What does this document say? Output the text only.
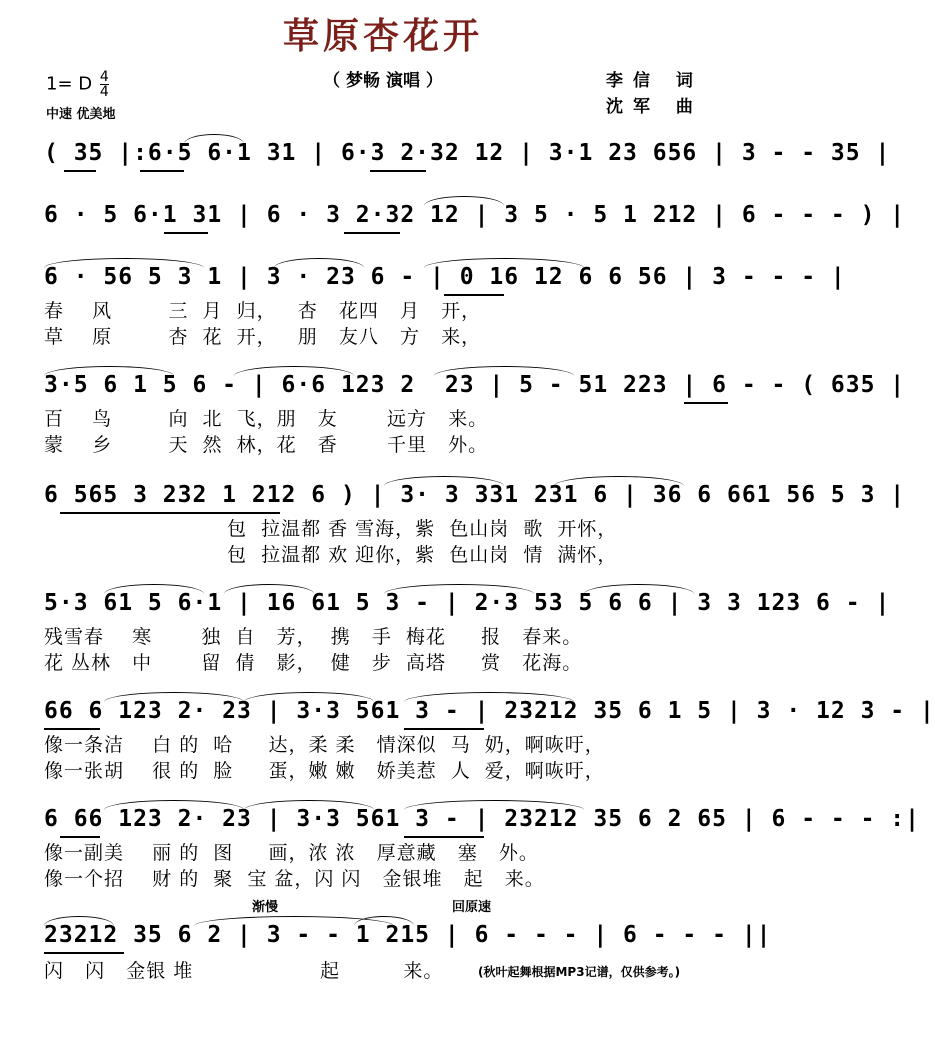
草原杏花开
（ 梦畅 演唱 ）
1= D $\frac{4}{4}$
中速 优美地
李信 词
沈军 曲
( 35 |:6·5 6·1 31 | 6·3 2·32 12 | 3·1 23 656 | 3 - - 35 |
6 · 5 6·1 31 | 6 · 3 2·32 12 | 3 5 · 5 1 212 | 6 - - - ) |
6 · 56 5 3 1 | 3 · 23 6 - | 0 16 12 6 6 56 | 3 - - - |
春    风        三  月  归，   杏   花四   月   开，
草    原        杏  花  开，   朋   友八   方   来，
3·5 6 1 5 6 - | 6·6 123 2  23 | 5 - 51 223 | 6 - - ( 635 |
百    鸟        向  北  飞，朋   友       远方   来。
蒙    乡        天  然  林，花   香       千里   外。
6 565 3 232 1 212 6 ) | 3· 3 331 231 6 | 36 6 661 56 5 3 |
包  拉温都 香 雪海，紫  色山岗  歌  开怀，
包  拉温都 欢 迎你，紫  色山岗  情  满怀，
5·3 61 5 6·1 | 16 61 5 3 - | 2·3 53 5 6 6 | 3 3 123 6 - |
残雪春    寒       独  自   芳，  携   手  梅花     报   春来。
花 丛林   中       留  倩   影，  健   步  高塔     赏   花海。
66 6 123 2· 23 | 3·3 561 3 - | 23212 35 6 1 5 | 3 · 12 3 - |
像一条洁    白 的  哈     达，柔 柔   情深似  马  奶，啊咴吁，
像一张胡    很 的  脸     蛋，嫩 嫩   娇美惹  人  爱，啊咴吁，
6 66 123 2· 23 | 3·3 561 3 - | 23212 35 6 2 65 | 6 - - - :|
像一副美    丽 的  图     画，浓 浓   厚意藏   塞   外。
像一个招    财 的  聚  宝 盆，闪 闪   金银堆   起   来。
渐慢	回原速
23212 35 6 2 | 3 - - 1 215 | 6 - - - | 6 - - - ||
闪   闪   金银 堆                  起         来。	(秋叶起舞根据MP3记谱，仅供参考。)
